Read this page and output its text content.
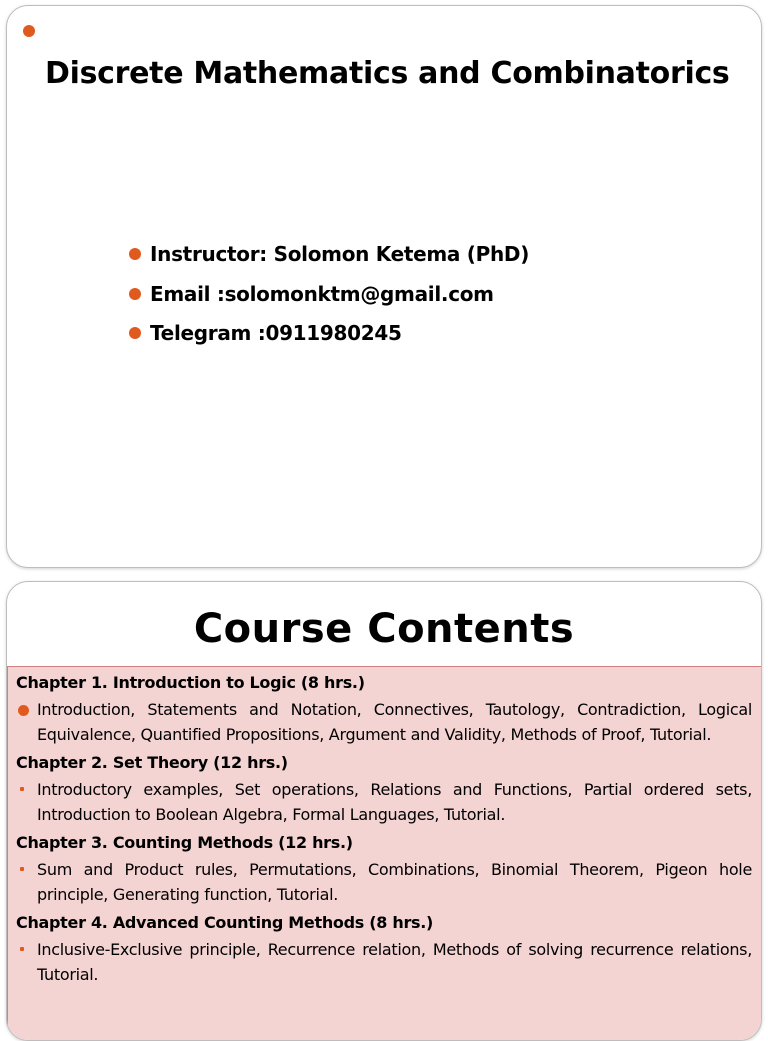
Discrete Mathematics and Combinatorics
Instructor: Solomon Ketema (PhD)
Email :solomonktm@gmail.com
Telegram :0911980245
Course Contents
Chapter 1. Introduction to Logic (8 hrs.)
Introduction, Statements and Notation, Connectives, Tautology, Contradiction, Logical Equivalence, Quantified Propositions, Argument and Validity, Methods of Proof, Tutorial.
Chapter 2. Set Theory (12 hrs.)
Introductory examples, Set operations, Relations and Functions, Partial ordered sets, Introduction to Boolean Algebra, Formal Languages, Tutorial.
Chapter 3. Counting Methods (12 hrs.)
Sum and Product rules, Permutations, Combinations, Binomial Theorem, Pigeon hole principle, Generating function, Tutorial.
Chapter 4. Advanced Counting Methods (8 hrs.)
Inclusive-Exclusive principle, Recurrence relation, Methods of solving recurrence relations, Tutorial.
